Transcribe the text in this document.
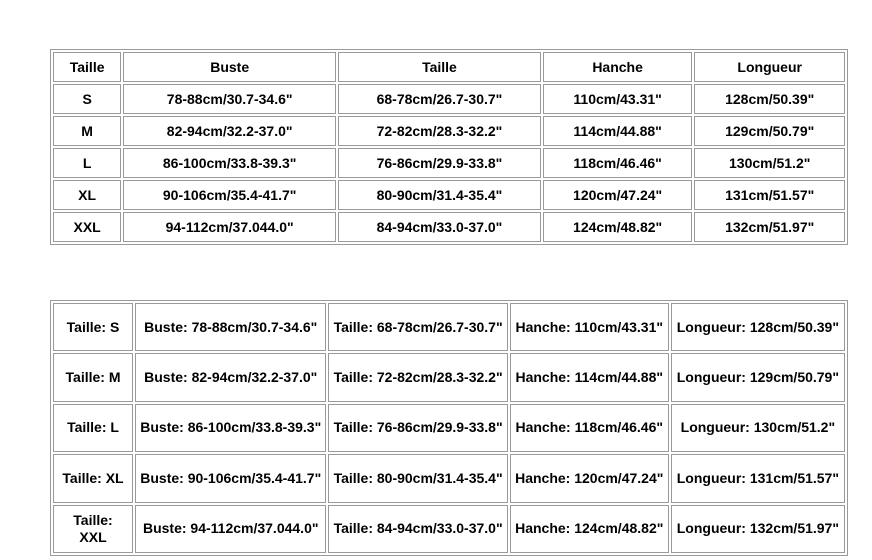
Taille	Buste	Taille	Hanche	Longueur
S	78-88cm/30.7-34.6"	68-78cm/26.7-30.7"	110cm/43.31"	128cm/50.39"
M	82-94cm/32.2-37.0"	72-82cm/28.3-32.2"	114cm/44.88"	129cm/50.79"
L	86-100cm/33.8-39.3"	76-86cm/29.9-33.8"	118cm/46.46"	130cm/51.2"
XL	90-106cm/35.4-41.7"	80-90cm/31.4-35.4"	120cm/47.24"	131cm/51.57"
XXL	94-112cm/37.044.0"	84-94cm/33.0-37.0"	124cm/48.82"	132cm/51.97"
Taille: S	Buste: 78-88cm/30.7-34.6"	Taille: 68-78cm/26.7-30.7"	Hanche: 110cm/43.31"	Longueur: 128cm/50.39"
Taille: M	Buste: 82-94cm/32.2-37.0"	Taille: 72-82cm/28.3-32.2"	Hanche: 114cm/44.88"	Longueur: 129cm/50.79"
Taille: L	Buste: 86-100cm/33.8-39.3"	Taille: 76-86cm/29.9-33.8"	Hanche: 118cm/46.46"	Longueur: 130cm/51.2"
Taille: XL	Buste: 90-106cm/35.4-41.7"	Taille: 80-90cm/31.4-35.4"	Hanche: 120cm/47.24"	Longueur: 131cm/51.57"
Taille: XXL	Buste: 94-112cm/37.044.0"	Taille: 84-94cm/33.0-37.0"	Hanche: 124cm/48.82"	Longueur: 132cm/51.97"
